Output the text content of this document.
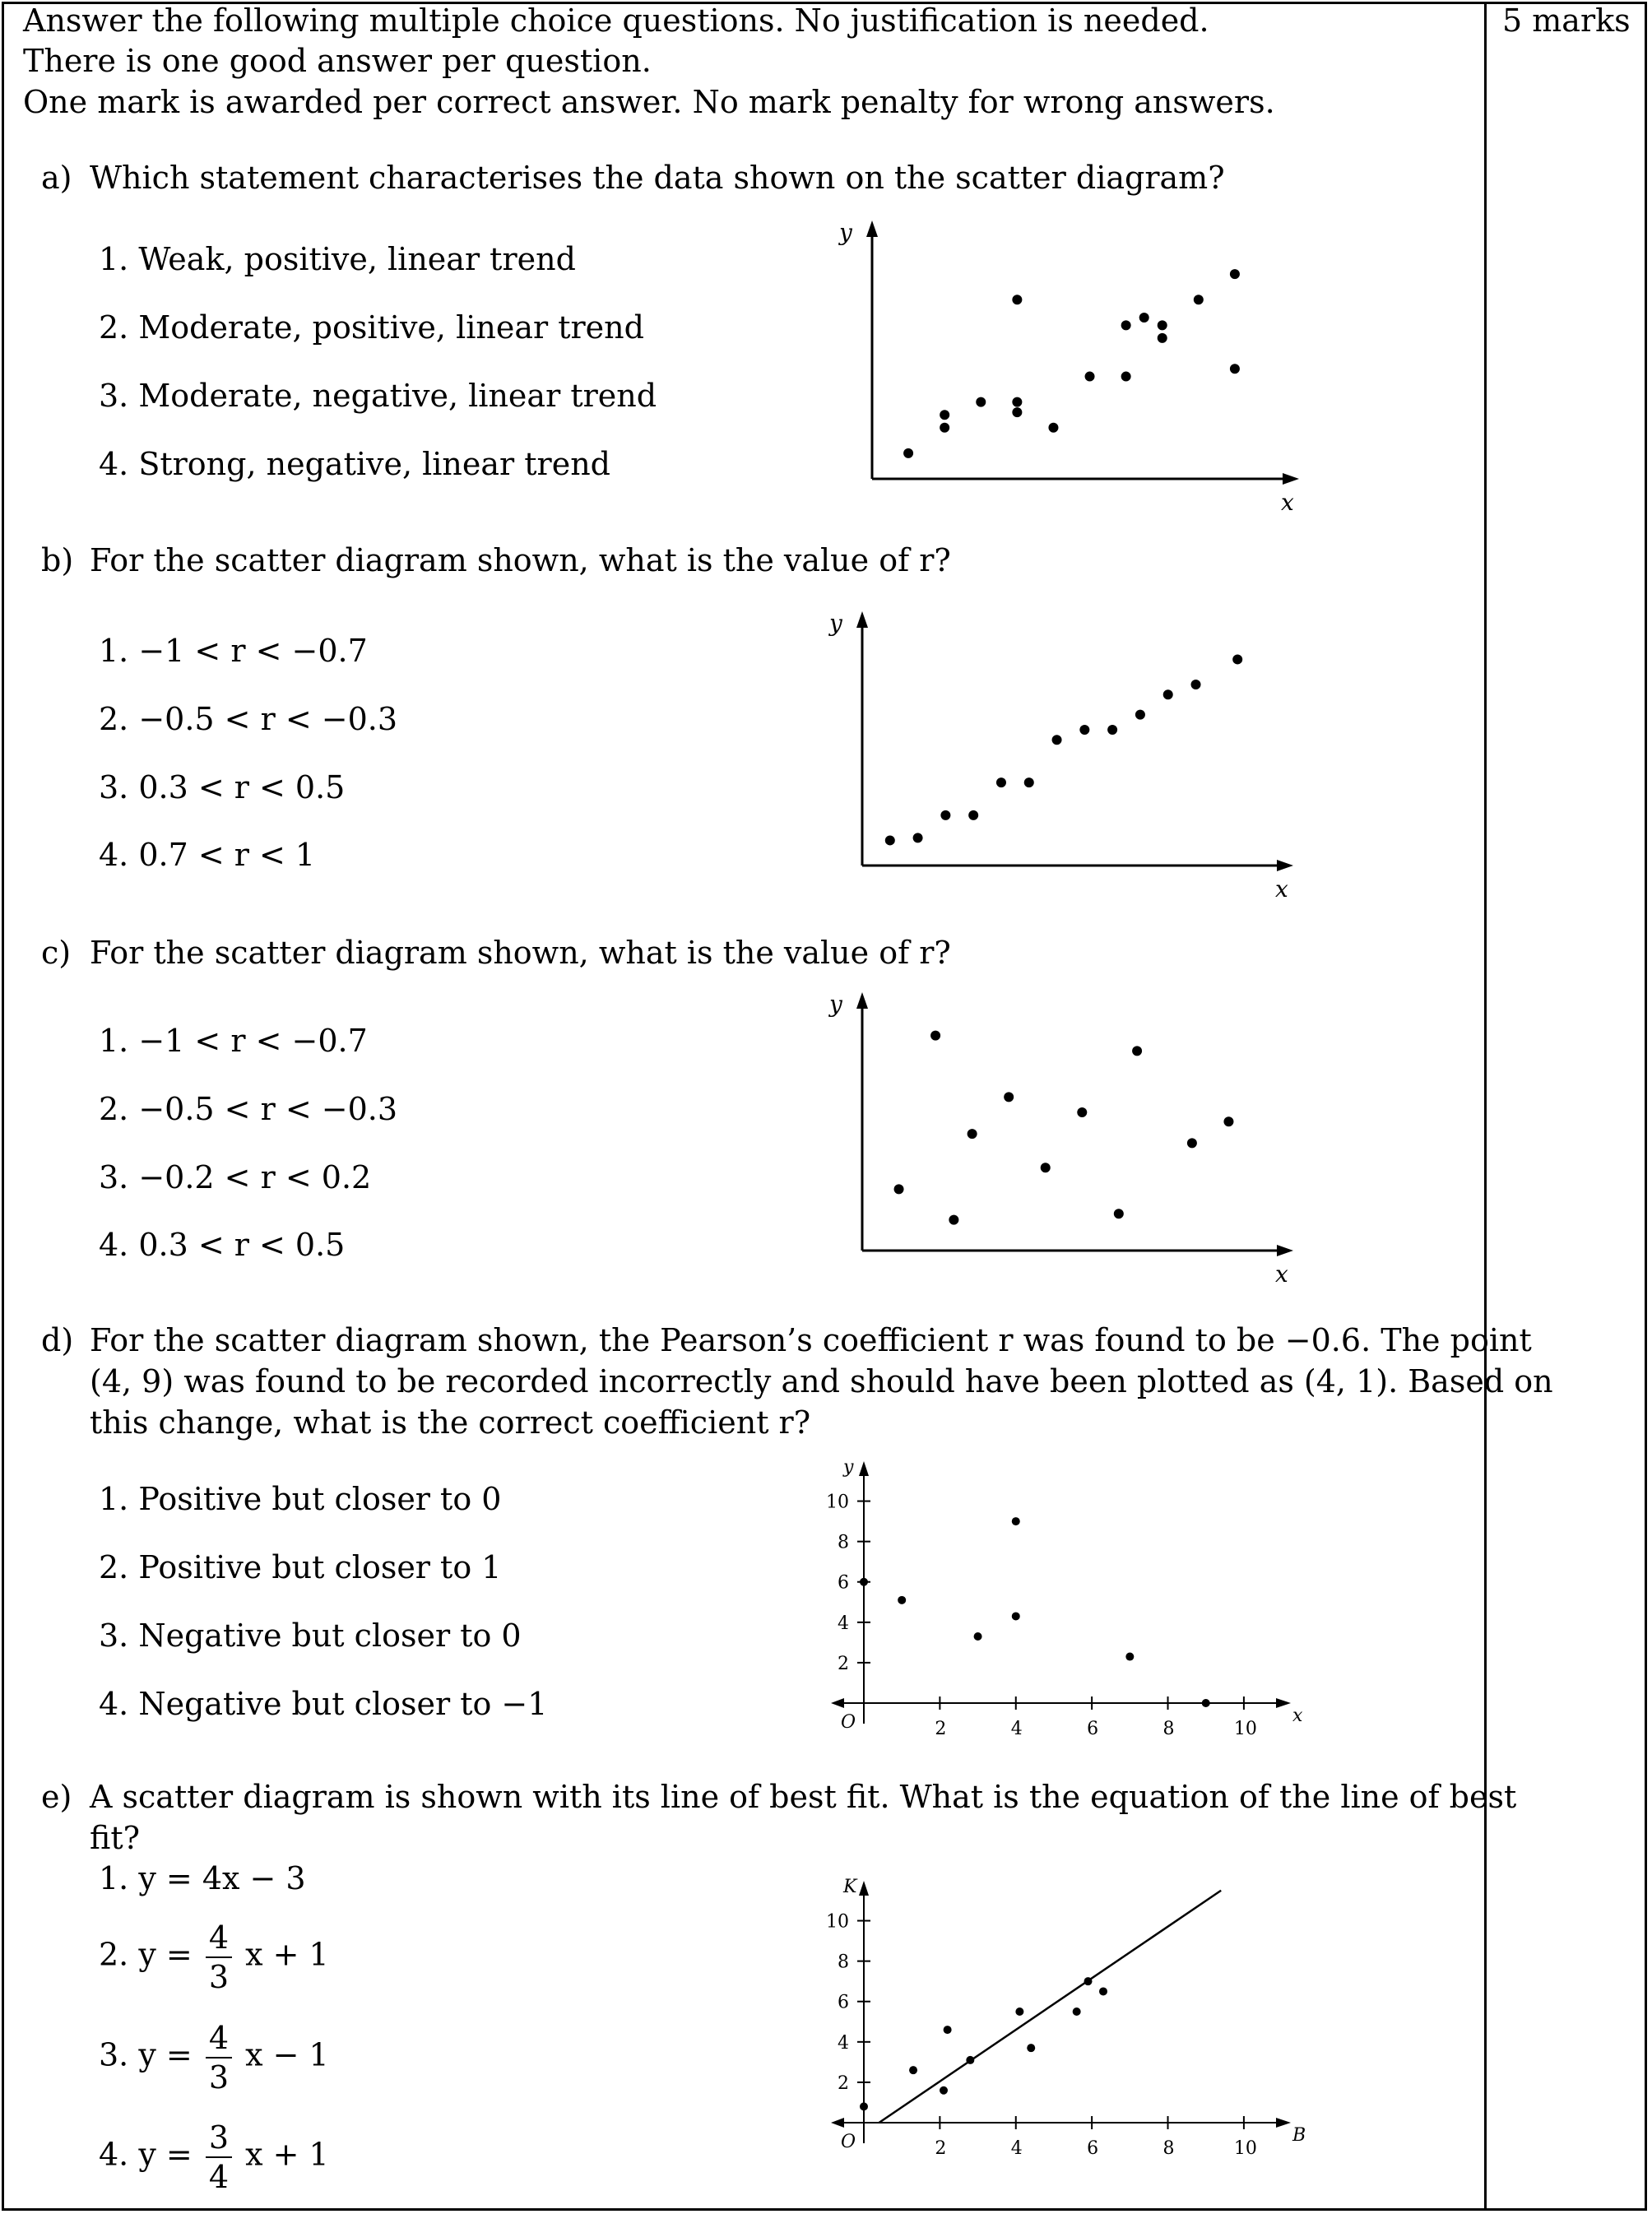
Answer the following multiple choice questions. No justification is needed.
There is one good answer per question.
One mark is awarded per correct answer. No mark penalty for wrong answers.
5 marks
a) Which statement characterises the data shown on the scatter diagram?
1. Weak, positive, linear trend
2. Moderate, positive, linear trend
3. Moderate, negative, linear trend
4. Strong, negative, linear trend
x
y
b) For the scatter diagram shown, what is the value of r?
1. −1 < r < −0.7
2. −0.5 < r < −0.3
3. 0.3 < r < 0.5
4. 0.7 < r < 1
x
y
c) For the scatter diagram shown, what is the value of r?
1. −1 < r < −0.7
2. −0.5 < r < −0.3
3. −0.2 < r < 0.2
4. 0.3 < r < 0.5
x
y
d) For the scatter diagram shown, the Pearson’s coefficient r was found to be −0.6. The point
(4, 9) was found to be recorded incorrectly and should have been plotted as (4, 1). Based on
this change, what is the correct coefficient r?
1. Positive but closer to 0
2. Positive but closer to 1
3. Negative but closer to 0
4. Negative but closer to −1	x
y
O	2	4	6	8	10
2
4
6
8
10
e) A scatter diagram is shown with its line of best fit. What is the equation of the line of best
fit?
1. y = 4x − 3
2. $y = \frac{4}{3}$ x + 1
3. $y = \frac{4}{3}$ x − 1
4. $y = \frac{3}{4}$ x + 1
B
K
O	2	4	6	8	10
2
4
6
8
10
